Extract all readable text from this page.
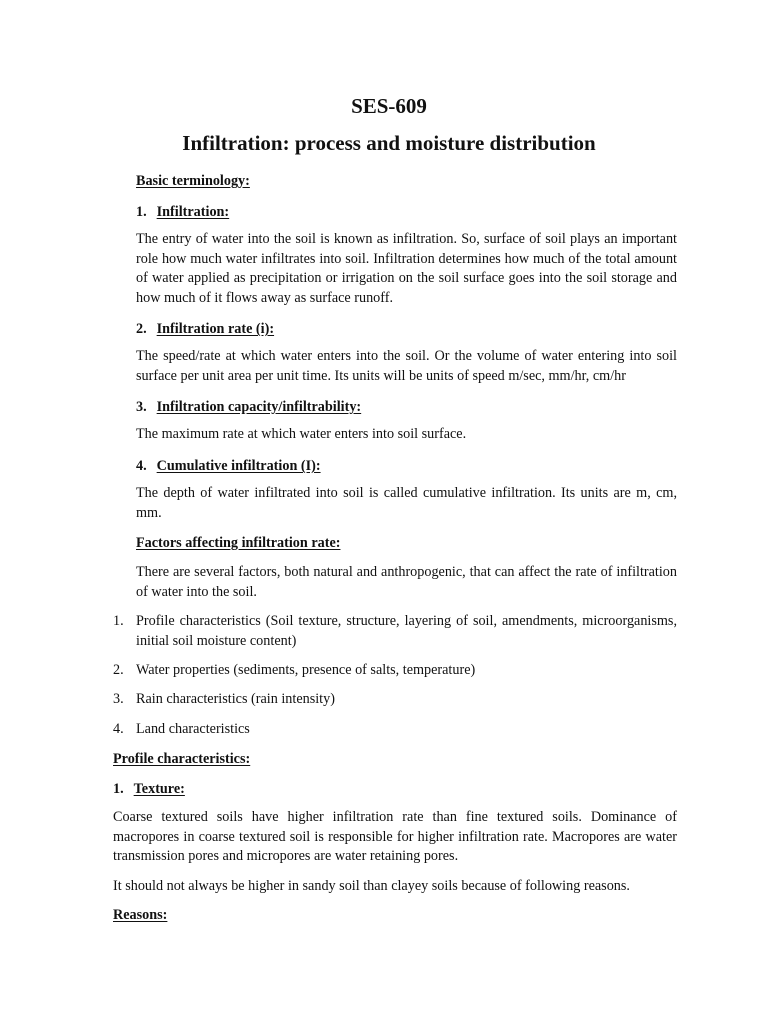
SES-609
Infiltration: process and moisture distribution
Basic terminology:
1. Infiltration:

The entry of water into the soil is known as infiltration. So, surface of soil plays an important role how much water infiltrates into soil. Infiltration determines how much of the total amount of water applied as precipitation or irrigation on the soil surface goes into the soil storage and how much of it flows away as surface runoff.

2. Infiltration rate (i):

The speed/rate at which water enters into the soil. Or the volume of water entering into soil surface per unit area per unit time. Its units will be units of speed m/sec, mm/hr, cm/hr

3. Infiltration capacity/infiltrability:

The maximum rate at which water enters into soil surface.

4. Cumulative infiltration (I):

The depth of water infiltrated into soil is called cumulative infiltration. Its units are m, cm, mm.

Factors affecting infiltration rate:

There are several factors, both natural and anthropogenic, that can affect the rate of infiltration of water into the soil.

1. Profile characteristics (Soil texture, structure, layering of soil, amendments, microorganisms, initial soil moisture content)

2. Water properties (sediments, presence of salts, temperature)

3. Rain characteristics (rain intensity)

4. Land characteristics

Profile characteristics:
1. Texture:

Coarse textured soils have higher infiltration rate than fine textured soils. Dominance of macropores in coarse textured soil is responsible for higher infiltration rate. Macropores are water transmission pores and micropores are water retaining pores.

It should not always be higher in sandy soil than clayey soils because of following reasons.

Reasons:
